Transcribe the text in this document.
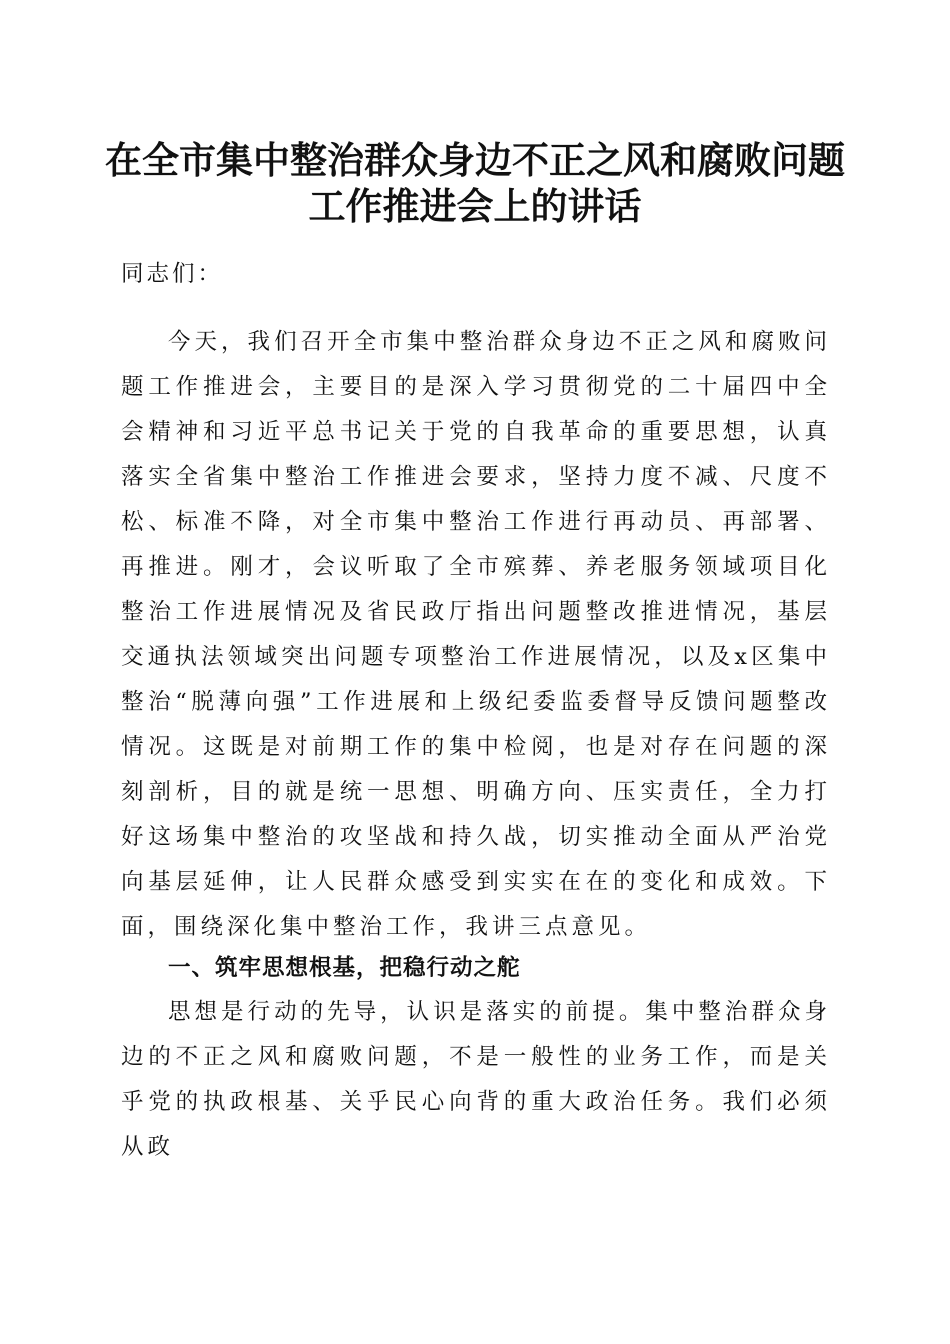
在全市集中整治群众身边不正之风和腐败问题
工作推进会上的讲话
同志们：
今天，我们召开全市集中整治群众身边不正之风和腐败问题工作推进会，主要目的是深入学习贯彻党的二十届四中全会精神和习近平总书记关于党的自我革命的重要思想，认真落实全省集中整治工作推进会要求，坚持力度不减、尺度不松、标准不降，对全市集中整治工作进行再动员、再部署、再推进。刚才，会议听取了全市殡葬、养老服务领域项目化整治工作进展情况及省民政厅指出问题整改推进情况，基层交通执法领域突出问题专项整治工作进展情况，以及x区集中整治“脱薄向强”工作进展和上级纪委监委督导反馈问题整改情况。这既是对前期工作的集中检阅，也是对存在问题的深刻剖析，目的就是统一思想、明确方向、压实责任，全力打好这场集中整治的攻坚战和持久战，切实推动全面从严治党向基层延伸，让人民群众感受到实实在在的变化和成效。下面，围绕深化集中整治工作，我讲三点意见。
一、筑牢思想根基，把稳行动之舵
思想是行动的先导，认识是落实的前提。集中整治群众身边的不正之风和腐败问题，不是一般性的业务工作，而是关乎党的执政根基、关乎民心向背的重大政治任务。我们必须从政
